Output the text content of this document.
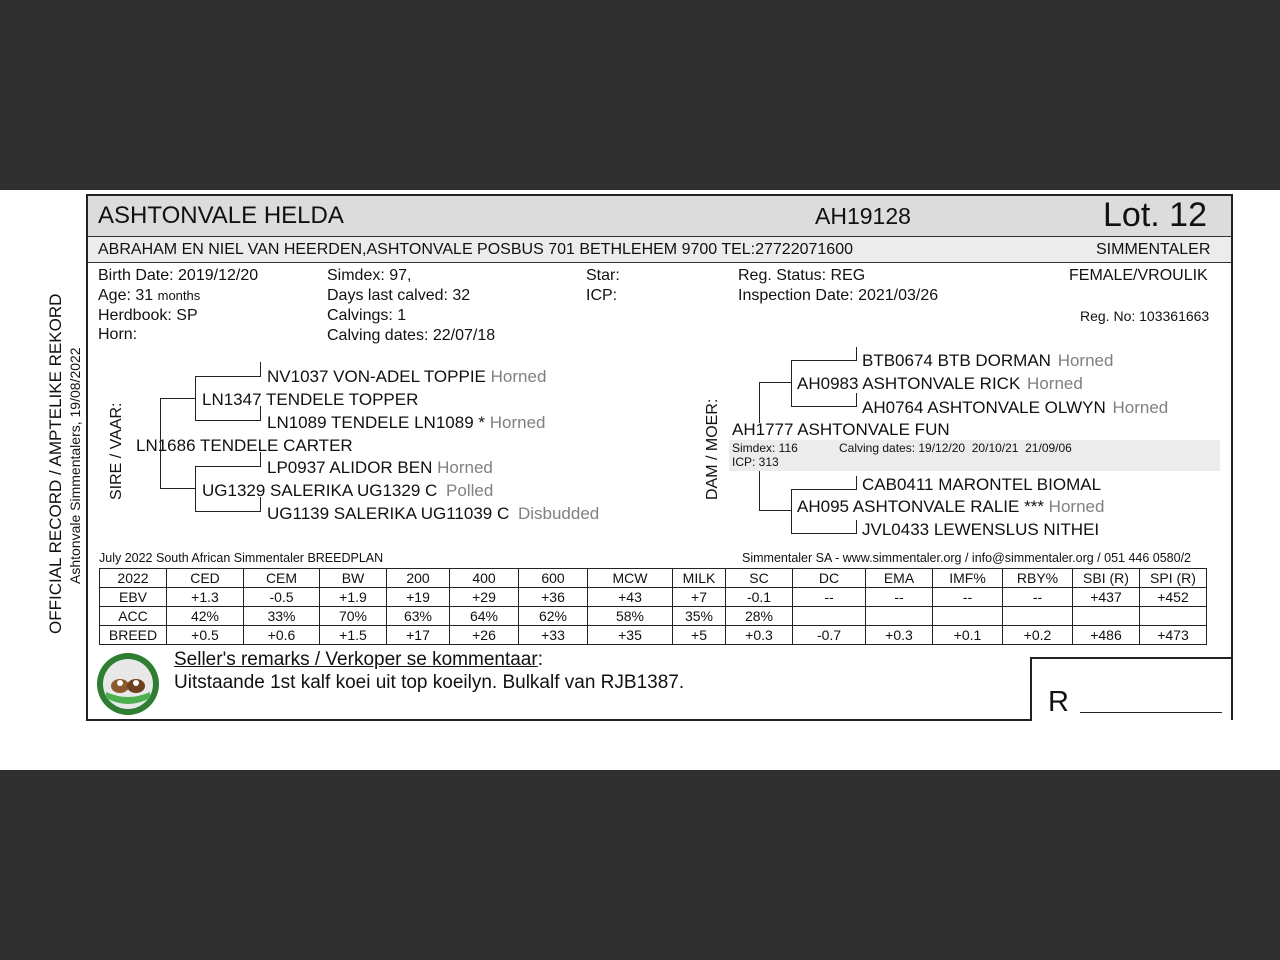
OFFICIAL RECORD / AMPTELIKE REKORD Ashtonvale Simmentalers, 19/08/2022
ASHTONVALE HELDA	AH19128	Lot. 12
ABRAHAM EN NIEL VAN HEERDEN,ASHTONVALE POSBUS 701 BETHLEHEM 9700 TEL:27722071600	SIMMENTALER
Birth Date: 2019/12/20
Age: 31 months
Herdbook: SP
Horn:
Simdex: 97,
Days last calved: 32
Calvings: 1
Calving dates: 22/07/18
Star:
ICP:
Reg. Status: REG
Inspection Date: 2021/03/26
FEMALE/VROULIK
Reg. No: 103361663
SIRE / VAAR:
NV1037 VON-ADEL TOPPIE Horned
LN1347 TENDELE TOPPER
LN1089 TENDELE LN1089 * Horned
LN1686 TENDELE CARTER
LP0937 ALIDOR BEN Horned
UG1329 SALERIKA UG1329 C Polled
UG1139 SALERIKA UG11039 C Disbudded
DAM / MOER:
BTB0674 BTB DORMAN Horned
AH0983 ASHTONVALE RICK Horned
AH0764 ASHTONVALE OLWYN Horned
AH1777 ASHTONVALE FUN
Simdex: 116	Calving dates: 19/12/20  20/10/21  21/09/06
ICP: 313
CAB0411 MARONTEL BIOMAL
AH095 ASHTONVALE RALIE *** Horned
JVL0433 LEWENSLUS NITHEI
July 2022 South African Simmentaler BREEDPLAN	Simmentaler SA - www.simmentaler.org / info@simmentaler.org / 051 446 0580/2
2022	CED	CEM	BW	200	400	600	MCW	MILK	SC	DC	EMA	IMF%	RBY%	SBI (R)	SPI (R)
EBV	+1.3	-0.5	+1.9	+19	+29	+36	+43	+7	-0.1	--	--	--	--	+437	+452
ACC	42%	33%	70%	63%	64%	62%	58%	35%	28%						
BREED	+0.5	+0.6	+1.5	+17	+26	+33	+35	+5	+0.3	-0.7	+0.3	+0.1	+0.2	+486	+473
Seller's remarks / Verkoper se kommentaar:
Uitstaande 1st kalf koei uit top koeilyn. Bulkalf van RJB1387.
R
